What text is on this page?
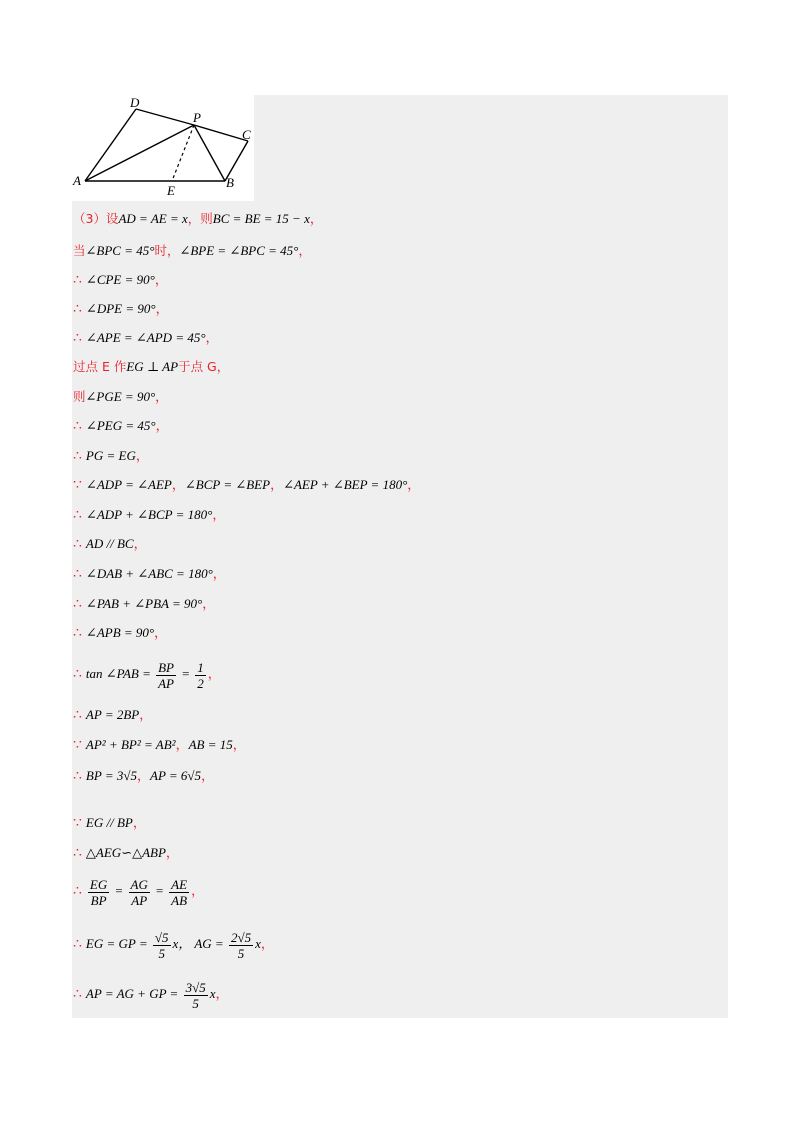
A
D
P
C
B
E
（3）设AD = AE = x，则BC = BE = 15 − x，
当∠BPC = 45°时，∠BPE = ∠BPC = 45°，
∴ ∠CPE = 90°，
∴ ∠DPE = 90°，
∴ ∠APE = ∠APD = 45°，
过点 E 作EG ⊥ AP于点 G，
则∠PGE = 90°，
∴ ∠PEG = 45°，
∴ PG = EG，
∵ ∠ADP = ∠AEP，∠BCP = ∠BEP，∠AEP + ∠BEP = 180°，
∴ ∠ADP + ∠BCP = 180°，
∴ AD // BC，
∴ ∠DAB + ∠ABC = 180°，
∴ ∠PAB + ∠PBA = 90°，
∴ ∠APB = 90°，
∴ tan ∠PAB = $\frac{BP}{AP} = \frac{1}{2}$ ，
∴ AP = 2BP，
∵ AP² + BP² = AB²，AB = 15，
∴ BP = 3√5，AP = 6√5，
∵ EG // BP，
∴ △AEG∽△ABP，
∴ $\frac{EG}{BP} = \frac{AG}{AP} = \frac{AE}{AB}$ ，
∴ EG = GP = $\frac{√5}{5}$ x， AG = $\frac{2√5}{5}$ x，
∴ AP = AG + GP = $\frac{3√5}{5}$ x，
